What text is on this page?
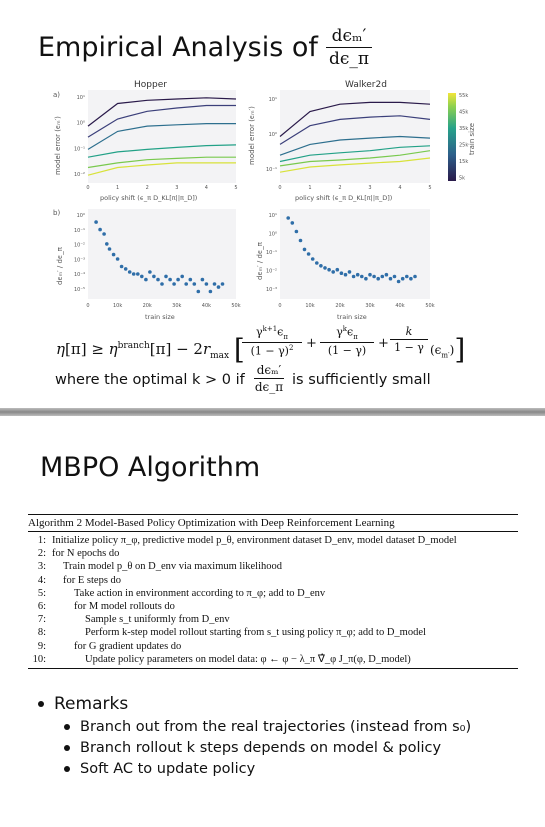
Empirical Analysis of dϵₘ′
dϵ_π
Hopper	Walker2d
a)
b)
0	1	2	3	4	5	0	1	2	3	4	5
0	10k	20k	30k	40k	50k	0	10k	20k	30k	40k	50k
10¹
10⁰
10⁻¹
10⁻²
10¹
10⁰
10⁻¹
10⁰
10⁻¹
10⁻²
10⁻³
10⁻⁴
10⁻⁵
10¹
10⁰
10⁻¹
10⁻²
10⁻³
model error (ϵₘ′)	model error (ϵₘ′)
dϵₘ′ / dϵ_π	dϵₘ′ / dϵ_π
policy shift (ϵ_π D_KL[π||π_D])	policy shift (ϵ_π D_KL[π||π_D])
train size	train size
55k
45k
35k
25k
15k
5k
train size
$\eta[\pi] \ge \eta^{branch}[\pi] - 2r_{max}$ [
$\frac{\gamma^{k+1}\epsilon_\pi}{(1 - \gamma)^2}$ +
$\gamma^k\epsilon_\pi$
$(1 - \gamma) + \frac{k}{1 - \gamma} (\epsilon_{m'})$]
where the optimal k > 0 if
dϵₘ′
dϵ_π is sufficiently small
MBPO Algorithm
Algorithm 2 Model-Based Policy Optimization with Deep Reinforcement Learning
1: Initialize policy π_φ, predictive model p_θ, environment dataset D_env, model dataset D_model
2: for N epochs do
3:	Train model p_θ on D_env via maximum likelihood
4:	for E steps do
5:	Take action in environment according to π_φ; add to D_env
6:	for M model rollouts do
7:	Sample s_t uniformly from D_env
8:	Perform k-step model rollout starting from s_t using policy π_φ; add to D_model
9:	for G gradient updates do
10:	Update policy parameters on model data: φ ← φ − λ_π ∇̂_φ J_π(φ, D_model)
Remarks
Branch out from the real trajectories (instead from s₀)
Branch rollout k steps depends on model & policy
Soft AC to update policy
